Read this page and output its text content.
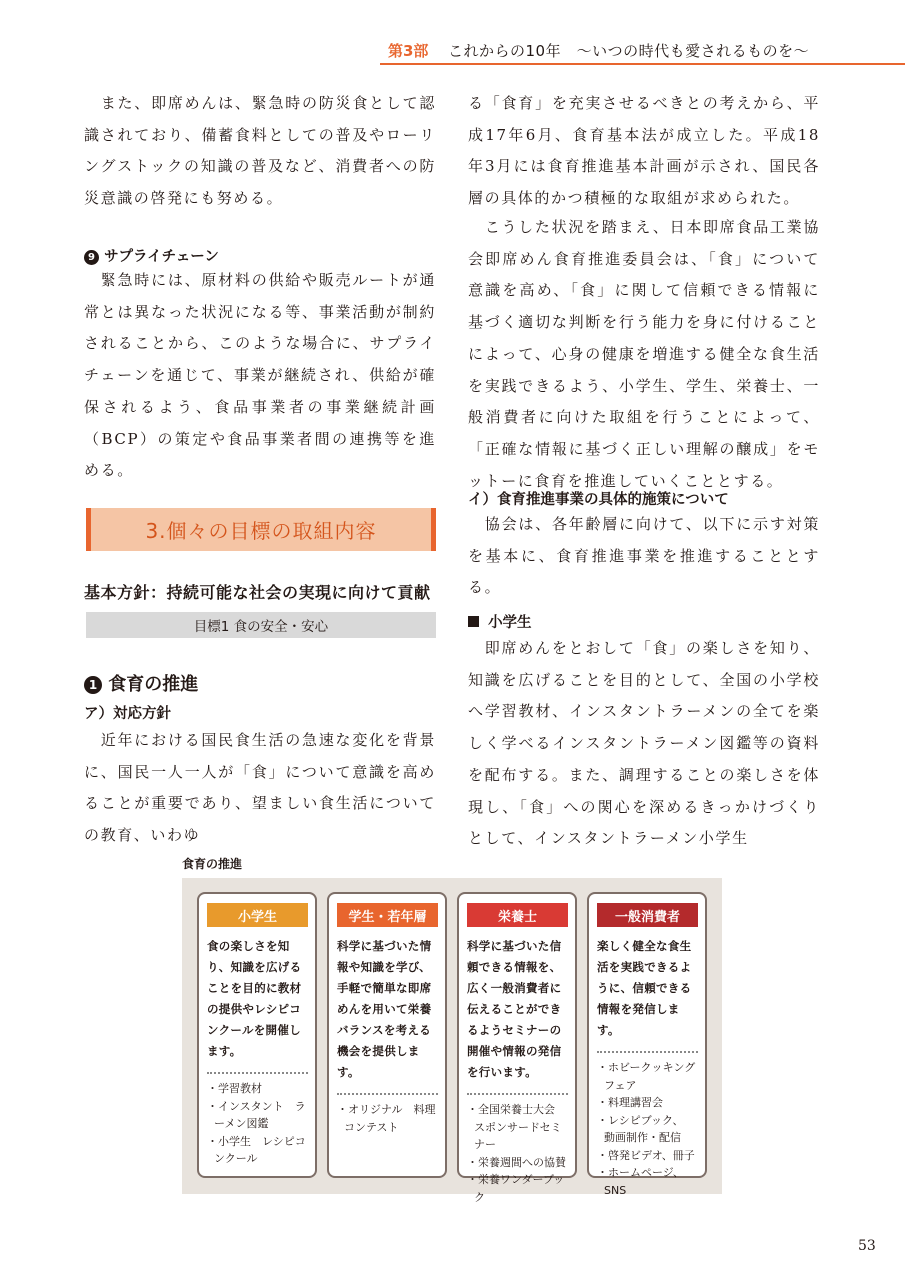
第3部 これからの10年　～いつの時代も愛されるものを～

　また、即席めんは、緊急時の防災食として認識されており、備蓄食料としての普及やローリングストックの知識の普及など、消費者への防災意識の啓発にも努める。

9 サプライチェーン

　緊急時には、原材料の供給や販売ルートが通常とは異なった状況になる等、事業活動が制約されることから、このような場合に、サプライチェーンを通じて、事業が継続され、供給が確保されるよう、食品事業者の事業継続計画（BCP）の策定や食品事業者間の連携等を進める。

3.個々の目標の取組内容
基本方針：持続可能な社会の実現に向けて貢献
目標1 食の安全・安心
1 食育の推進
ア）対応方針

　近年における国民食生活の急速な変化を背景に、国民一人一人が「食」について意識を高めることが重要であり、望ましい食生活についての教育、いわゆ

る「食育」を充実させるべきとの考えから、平成17年6月、食育基本法が成立した。平成18年3月には食育推進基本計画が示され、国民各層の具体的かつ積極的な取組が求められた。

　こうした状況を踏まえ、日本即席食品工業協会即席めん食育推進委員会は、「食」について意識を高め、「食」に関して信頼できる情報に基づく適切な判断を行う能力を身に付けることによって、心身の健康を増進する健全な食生活を実践できるよう、小学生、学生、栄養士、一般消費者に向けた取組を行うことによって、「正確な情報に基づく正しい理解の醸成」をモットーに食育を推進していくこととする。

イ）食育推進事業の具体的施策について

　協会は、各年齢層に向けて、以下に示す対策を基本に、食育推進事業を推進することとする。

小学生

　即席めんをとおして「食」の楽しさを知り、知識を広げることを目的として、全国の小学校へ学習教材、インスタントラーメンの全てを楽しく学べるインスタントラーメン図鑑等の資料を配布する。また、調理することの楽しさを体現し、「食」への関心を深めるきっかけづくりとして、インスタントラーメン小学生

食育の推進
小学生
食の楽しさを知り、知識を広げることを目的に教材の提供やレシピコンクールを開催します。
・学習教材
・インスタント　ラーメン図鑑
・小学生　レシピコンクール
学生・若年層
科学に基づいた情報や知識を学び、手軽で簡単な即席めんを用いて栄養バランスを考える機会を提供します。
・オリジナル　料理コンテスト
栄養士
科学に基づいた信頼できる情報を、広く一般消費者に伝えることができるようセミナーの開催や情報の発信を行います。
・全国栄養士大会　スポンサードセミナー
・栄養週間への協賛
・栄養ワンダーブック
一般消費者
楽しく健全な食生活を実践できるように、信頼できる情報を発信します。
・ホビークッキングフェア
・料理講習会
・レシピブック、　動画制作・配信
・啓発ビデオ、冊子
・ホームページ、SNS
53
